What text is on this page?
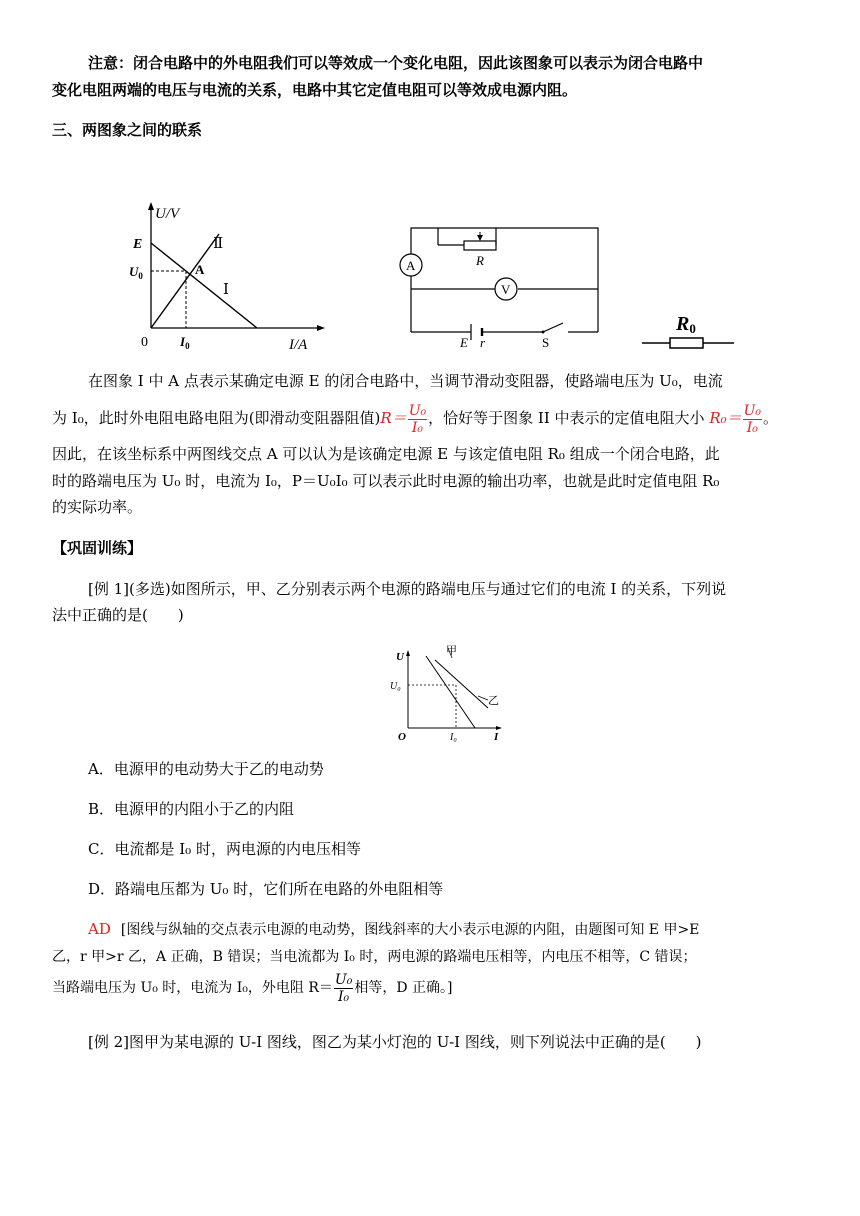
注意：闭合电路中的外电阻我们可以等效成一个变化电阻，因此该图象可以表示为闭合电路中
变化电阻两端的电压与电流的关系，电路中其它定值电阻可以等效成电源内阻。
三、两图象之间的联系
U/V
E
$U_0$	A
Ⅱ
Ⅰ
0 $I_0$	I/A
A
V
R
E r	S
R0
在图象 I 中 A 点表示某确定电源 E 的闭合电路中，当调节滑动变阻器，使路端电压为 U₀，电流
为 I₀，此时外电阻电路电阻为(即滑动变阻器阻值)$R= \frac{\text{U₀}}{\text{I₀}}$ ，恰好等于图象 II 中表示的定值电阻大小 $R_0= \frac{\text{U₀}}{\text{I₀}}$ 。
因此，在该坐标系中两图线交点 A 可以认为是该确定电源 E 与该定值电阻 R₀ 组成一个闭合电路，此
时的路端电压为 U₀ 时，电流为 I₀，P＝U₀I₀ 可以表示此时电源的输出功率，也就是此时定值电阻 R₀
的实际功率。
【巩固训练】
[例 1](多选)如图所示，甲、乙分别表示两个电源的路端电压与通过它们的电流 I 的关系，下列说
法中正确的是(　　)
U
U₀
甲
乙
O	I₀	I
A．电源甲的电动势大于乙的电动势
B．电源甲的内阻小于乙的内阻
C．电流都是 I₀ 时，两电源的内电压相等
D．路端电压都为 U₀ 时，它们所在电路的外电阻相等
AD [图线与纵轴的交点表示电源的电动势，图线斜率的大小表示电源的内阻，由题图可知 E 甲>E
乙，r 甲>r 乙，A 正确，B 错误；当电流都为 I₀ 时，两电源的路端电压相等，内电压不相等，C 错误；
当路端电压为 U₀ 时，电流为 I₀，外电阻 $R= \frac{\text{U₀}}{\text{I₀}}$ 相等，D 正确。]
[例 2]图甲为某电源的 U-I 图线，图乙为某小灯泡的 U-I 图线，则下列说法中正确的是(　　)
